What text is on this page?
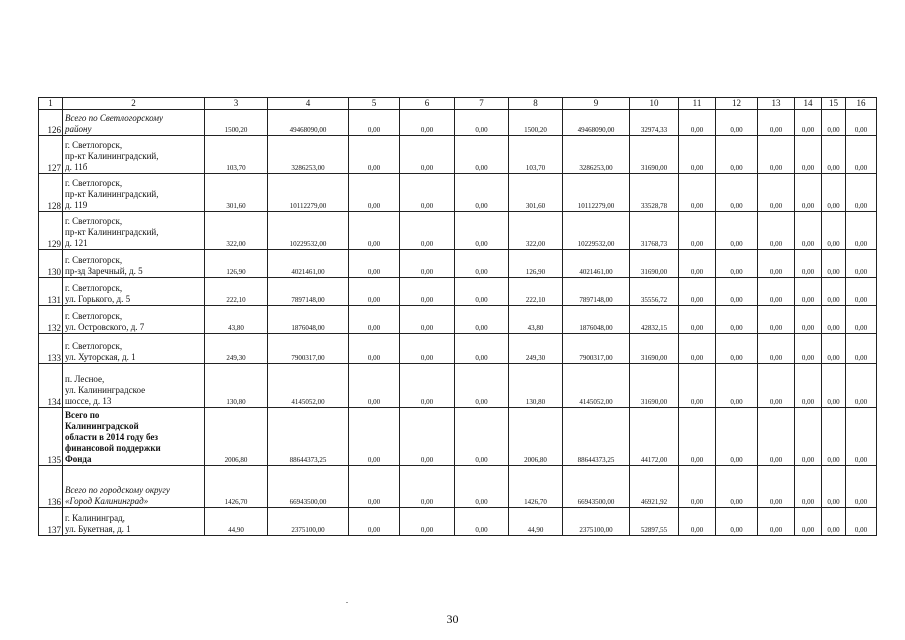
1	2	3	4	5	6	7	8	9	10	11	12	13	14	15	16
126	Всего по Светлогорскому
району	1500,20	49468090,00	0,00	0,00	0,00	1500,20	49468090,00	32974,33	0,00	0,00	0,00	0,00	0,00	0,00
127	г. Светлогорск,
пр-кт Калининградский,
д. 11б	103,70	3286253,00	0,00	0,00	0,00	103,70	3286253,00	31690,00	0,00	0,00	0,00	0,00	0,00	0,00
128	г. Светлогорск,
пр-кт Калининградский,
д. 119	301,60	10112279,00	0,00	0,00	0,00	301,60	10112279,00	33528,78	0,00	0,00	0,00	0,00	0,00	0,00
129	г. Светлогорск,
пр-кт Калининградский,
д. 121	322,00	10229532,00	0,00	0,00	0,00	322,00	10229532,00	31768,73	0,00	0,00	0,00	0,00	0,00	0,00
130	г. Светлогорск,
пр-зд Заречный, д. 5	126,90	4021461,00	0,00	0,00	0,00	126,90	4021461,00	31690,00	0,00	0,00	0,00	0,00	0,00	0,00
131	г. Светлогорск,
ул. Горького, д. 5	222,10	7897148,00	0,00	0,00	0,00	222,10	7897148,00	35556,72	0,00	0,00	0,00	0,00	0,00	0,00
132	г. Светлогорск,
ул. Островского, д. 7	43,80	1876048,00	0,00	0,00	0,00	43,80	1876048,00	42832,15	0,00	0,00	0,00	0,00	0,00	0,00
133	г. Светлогорск,
ул. Хуторская, д. 1	249,30	7900317,00	0,00	0,00	0,00	249,30	7900317,00	31690,00	0,00	0,00	0,00	0,00	0,00	0,00
134	п. Лесное,
ул. Калининградское
шоссе, д. 13	130,80	4145052,00	0,00	0,00	0,00	130,80	4145052,00	31690,00	0,00	0,00	0,00	0,00	0,00	0,00
135	Всего по
Калининградской
области в 2014 году без
финансовой поддержки
Фонда	2006,80	88644373,25	0,00	0,00	0,00	2006,80	88644373,25	44172,00	0,00	0,00	0,00	0,00	0,00	0,00
136	Всего по городскому округу
«Город Калининград»	1426,70	66943500,00	0,00	0,00	0,00	1426,70	66943500,00	46921,92	0,00	0,00	0,00	0,00	0,00	0,00
137	г. Калининград,
ул. Букетная, д. 1	44,90	2375100,00	0,00	0,00	0,00	44,90	2375100,00	52897,55	0,00	0,00	0,00	0,00	0,00	0,00
30
